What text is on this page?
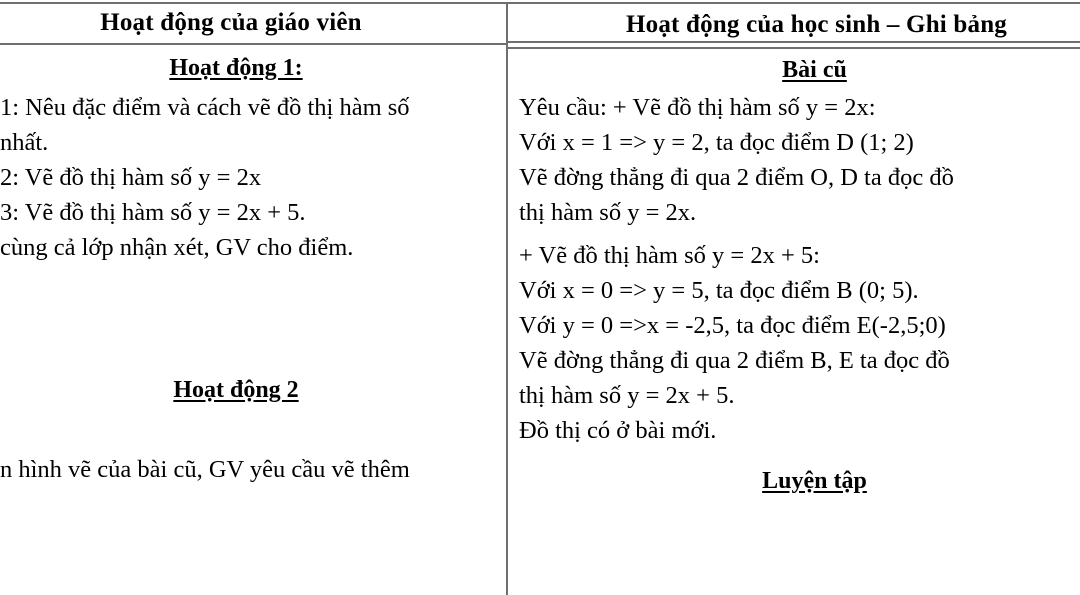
Hoạt động của giáo viên
Hoạt động 1:
1: Nêu đặc điểm và cách vẽ đồ thị hàm số
nhất.
2: Vẽ đồ thị hàm số y = 2x
3: Vẽ đồ thị hàm số y = 2x + 5.
cùng cả lớp nhận xét, GV cho điểm.
Hoạt động 2
n hình vẽ của bài cũ, GV yêu cầu vẽ thêm
Hoạt động của học sinh – Ghi bảng
Bài cũ
Yêu cầu: + Vẽ đồ thị hàm số y = 2x:
Với x = 1 => y = 2, ta đọc điểm D (1; 2)
Vẽ đờng thẳng đi qua 2 điểm O, D ta đọc đồ
thị hàm số y = 2x.
+ Vẽ đồ thị hàm số y = 2x + 5:
Với x = 0 => y = 5, ta đọc điểm B (0; 5).
Với y = 0 =>x = -2,5, ta đọc điểm E(-2,5;0)
Vẽ đờng thẳng đi qua 2 điểm B, E ta đọc đồ
thị hàm số y = 2x + 5.
Đồ thị có ở bài mới.
Luyện tập
